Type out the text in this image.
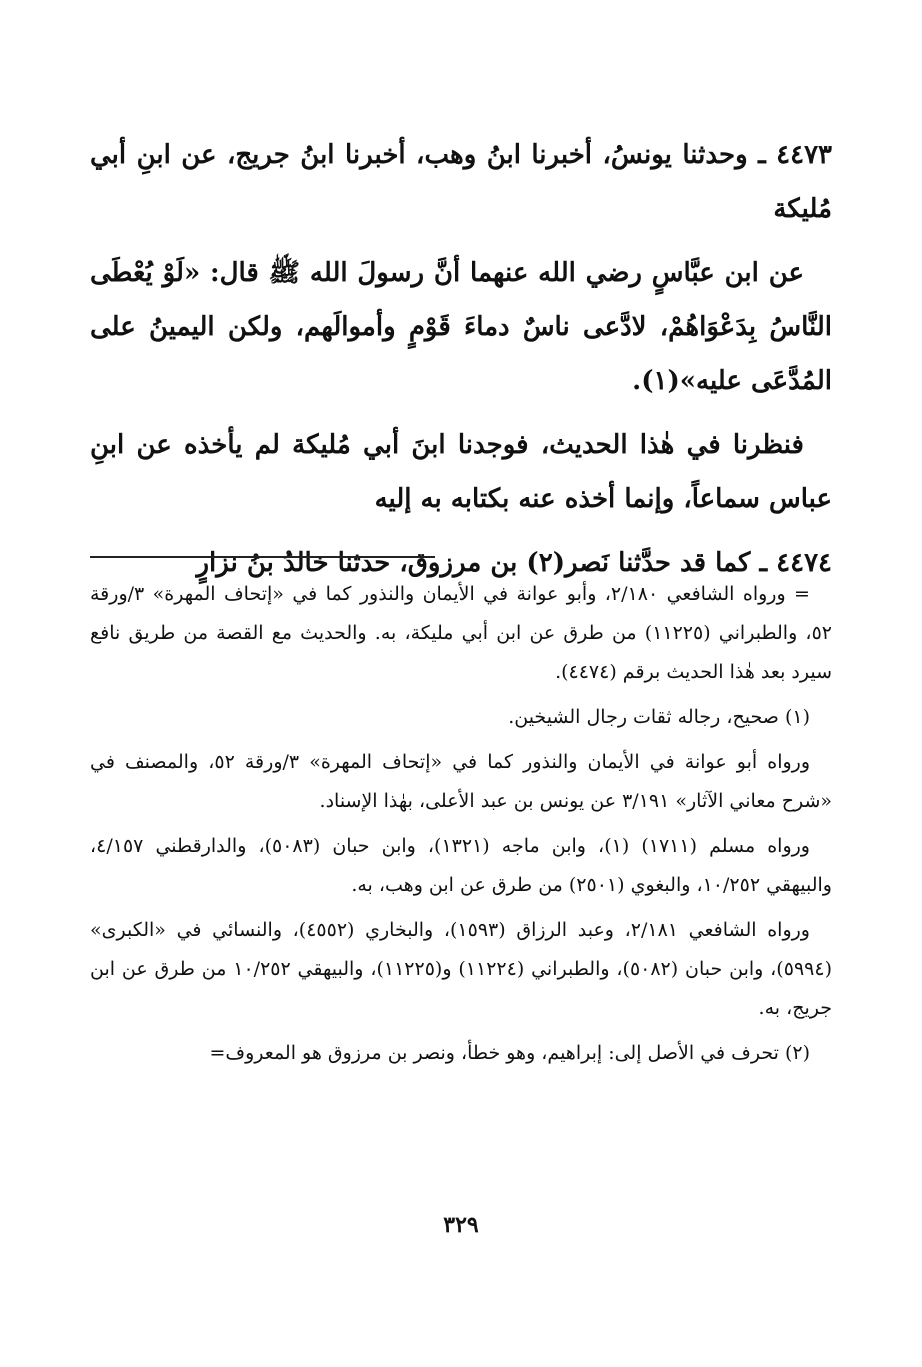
٤٤٧٣ ـ وحدثنا يونسُ، أخبرنا ابنُ وهب، أخبرنا ابنُ جريج، عن ابنِ أبي مُليكة

عن ابن عبَّاسٍ رضي الله عنهما أنَّ رسولَ الله ﷺ قال: «لَوْ يُعْطَى النَّاسُ بِدَعْوَاهُمْ، لادَّعى ناسٌ دماءَ قَوْمٍ وأموالَهم، ولكن اليمينُ على المُدَّعَى عليه»(١).

فنظرنا في هٰذا الحديث، فوجدنا ابنَ أبي مُليكة لم يأخذه عن ابنِ عباس سماعاً، وإنما أخذه عنه بكتابه به إليه

٤٤٧٤ ـ كما قد حدَّثنا نَصر(٢) بن مرزوق، حدثنا خالدُ بنُ نزارٍ

= ورواه الشافعي ٢/١٨٠، وأبو عوانة في الأيمان والنذور كما في «إتحاف المهرة» ٣/ورقة ٥٢، والطبراني (١١٢٢٥) من طرق عن ابن أبي مليكة، به. والحديث مع القصة من طريق نافع سيرد بعد هٰذا الحديث برقم (٤٤٧٤).

(١) صحيح، رجاله ثقات رجال الشيخين.

ورواه أبو عوانة في الأيمان والنذور كما في «إتحاف المهرة» ٣/ورقة ٥٢، والمصنف في «شرح معاني الآثار» ٣/١٩١ عن يونس بن عبد الأعلى، بهٰذا الإسناد.

ورواه مسلم (١٧١١) (١)، وابن ماجه (١٣٢١)، وابن حبان (٥٠٨٣)، والدارقطني ٤/١٥٧، والبيهقي ١٠/٢٥٢، والبغوي (٢٥٠١) من طرق عن ابن وهب، به.

ورواه الشافعي ٢/١٨١، وعبد الرزاق (١٥٩٣)، والبخاري (٤٥٥٢)، والنسائي في «الكبرى» (٥٩٩٤)، وابن حبان (٥٠٨٢)، والطبراني (١١٢٢٤) و(١١٢٢٥)، والبيهقي ١٠/٢٥٢ من طرق عن ابن جريج، به.

(٢) تحرف في الأصل إلى: إبراهيم، وهو خطأ، ونصر بن مرزوق هو المعروف=

٣٢٩
